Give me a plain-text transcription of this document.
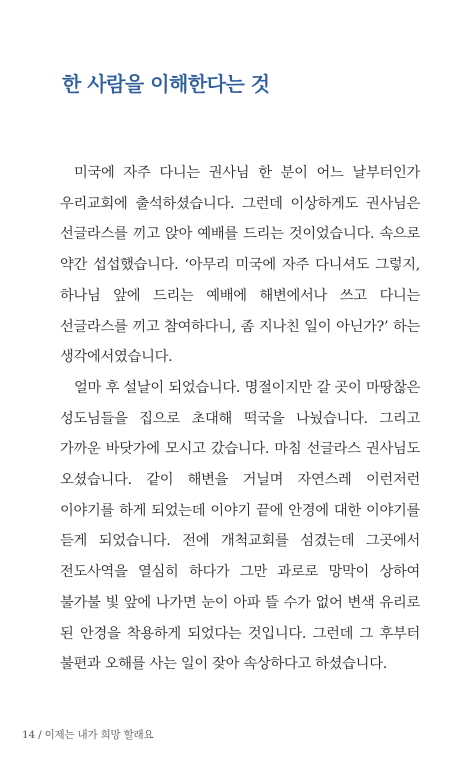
한 사람을 이해한다는 것

미국에 자주 다니는 권사님 한 분이 어느 날부터인가 우리교회에 출석하셨습니다. 그런데 이상하게도 권사님은 선글라스를 끼고 앉아 예배를 드리는 것이었습니다. 속으로 약간 섭섭했습니다. ‘아무리 미국에 자주 다니셔도 그렇지, 하나님 앞에 드리는 예배에 해변에서나 쓰고 다니는 선글라스를 끼고 참여하다니, 좀 지나친 일이 아닌가?’ 하는 생각에서였습니다.

얼마 후 설날이 되었습니다. 명절이지만 갈 곳이 마땅찮은 성도님들을 집으로 초대해 떡국을 나눴습니다. 그리고 가까운 바닷가에 모시고 갔습니다. 마침 선글라스 권사님도 오셨습니다. 같이 해변을 거닐며 자연스레 이런저런 이야기를 하게 되었는데 이야기 끝에 안경에 대한 이야기를 듣게 되었습니다. 전에 개척교회를 섬겼는데 그곳에서 전도사역을 열심히 하다가 그만 과로로 망막이 상하여 불가불 빛 앞에 나가면 눈이 아파 뜰 수가 없어 변색 유리로 된 안경을 착용하게 되었다는 것입니다. 그런데 그 후부터 불편과 오해를 사는 일이 잦아 속상하다고 하셨습니다.

14 / 이제는 내가 희망 할래요
